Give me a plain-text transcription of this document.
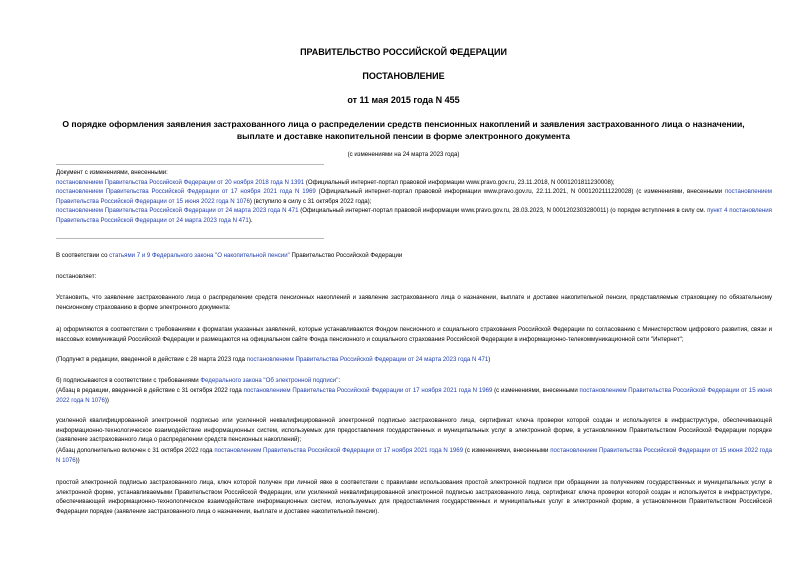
ПРАВИТЕЛЬСТВО РОССИЙСКОЙ ФЕДЕРАЦИИ
ПОСТАНОВЛЕНИЕ
от 11 мая 2015 года N 455
О порядке оформления заявления застрахованного лица о распределении средств пенсионных накоплений и заявления застрахованного лица о назначении,
выплате и доставке накопительной пенсии в форме электронного документа
(с изменениями на 24 марта 2023 года)
Документ с изменениями, внесенными:
постановлением Правительства Российской Федерации от 20 ноября 2018 года N 1391 (Официальный интернет-портал правовой информации www.pravo.gov.ru, 23.11.2018, N 0001201811230008);
постановлением Правительства Российской Федерации от 17 ноября 2021 года N 1969 (Официальный интернет-портал правовой информации www.pravo.gov.ru, 22.11.2021, N 0001202111220028) (с изменениями, внесенными постановлением Правительства Российской Федерации от 15 июня 2022 года N 1076) (вступило в силу с 31 октября 2022 года);
постановлением Правительства Российской Федерации от 24 марта 2023 года N 471 (Официальный интернет-портал правовой информации www.pravo.gov.ru, 28.03.2023, N 0001202303280011) (о порядке вступления в силу см. пункт 4 постановления Правительства Российской Федерации от 24 марта 2023 года N 471).
В соответствии со статьями 7 и 9 Федерального закона "О накопительной пенсии" Правительство Российской Федерации
постановляет:
Установить, что заявление застрахованного лица о распределении средств пенсионных накоплений и заявление застрахованного лица о назначении, выплате и доставке накопительной пенсии, представляемые страховщику по обязательному пенсионному страхованию в форме электронного документа:
а) оформляются в соответствии с требованиями к форматам указанных заявлений, которые устанавливаются Фондом пенсионного и социального страхования Российской Федерации по согласованию с Министерством цифрового развития, связи и массовых коммуникаций Российской Федерации и размещаются на официальном сайте Фонда пенсионного и социального страхования Российской Федерации в информационно-телекоммуникационной сети "Интернет";
(Подпункт в редакции, введенной в действие с 28 марта 2023 года постановлением Правительства Российской Федерации от 24 марта 2023 года N 471)
б) подписываются в соответствии с требованиями Федерального закона "Об электронной подписи":
(Абзац в редакции, введенной в действие с 31 октября 2022 года постановлением Правительства Российской Федерации от 17 ноября 2021 года N 1969 (с изменениями, внесенными постановлением Правительства Российской Федерации от 15 июня 2022 года N 1076))
усиленной квалифицированной электронной подписью или усиленной неквалифицированной электронной подписью застрахованного лица, сертификат ключа проверки которой создан и используется в инфраструктуре, обеспечивающей информационно-технологическое взаимодействие информационных систем, используемых для предоставления государственных и муниципальных услуг в электронной форме, в установленном Правительством Российской Федерации порядке (заявление застрахованного лица о распределении средств пенсионных накоплений);
(Абзац дополнительно включен с 31 октября 2022 года постановлением Правительства Российской Федерации от 17 ноября 2021 года N 1969 (с изменениями, внесенными постановлением Правительства Российской Федерации от 15 июня 2022 года N 1076))
простой электронной подписью застрахованного лица, ключ которой получен при личной явке в соответствии с правилами использования простой электронной подписи при обращении за получением государственных и муниципальных услуг в электронной форме, устанавливаемыми Правительством Российской Федерации, или усиленной неквалифицированной электронной подписью застрахованного лица, сертификат ключа проверки которой создан и используется в инфраструктуре, обеспечивающей информационно-технологическое взаимодействие информационных систем, используемых для предоставления государственных и муниципальных услуг в электронной форме, в установленном Правительством Российской Федерации порядке (заявление застрахованного лица о назначении, выплате и доставке накопительной пенсии).
